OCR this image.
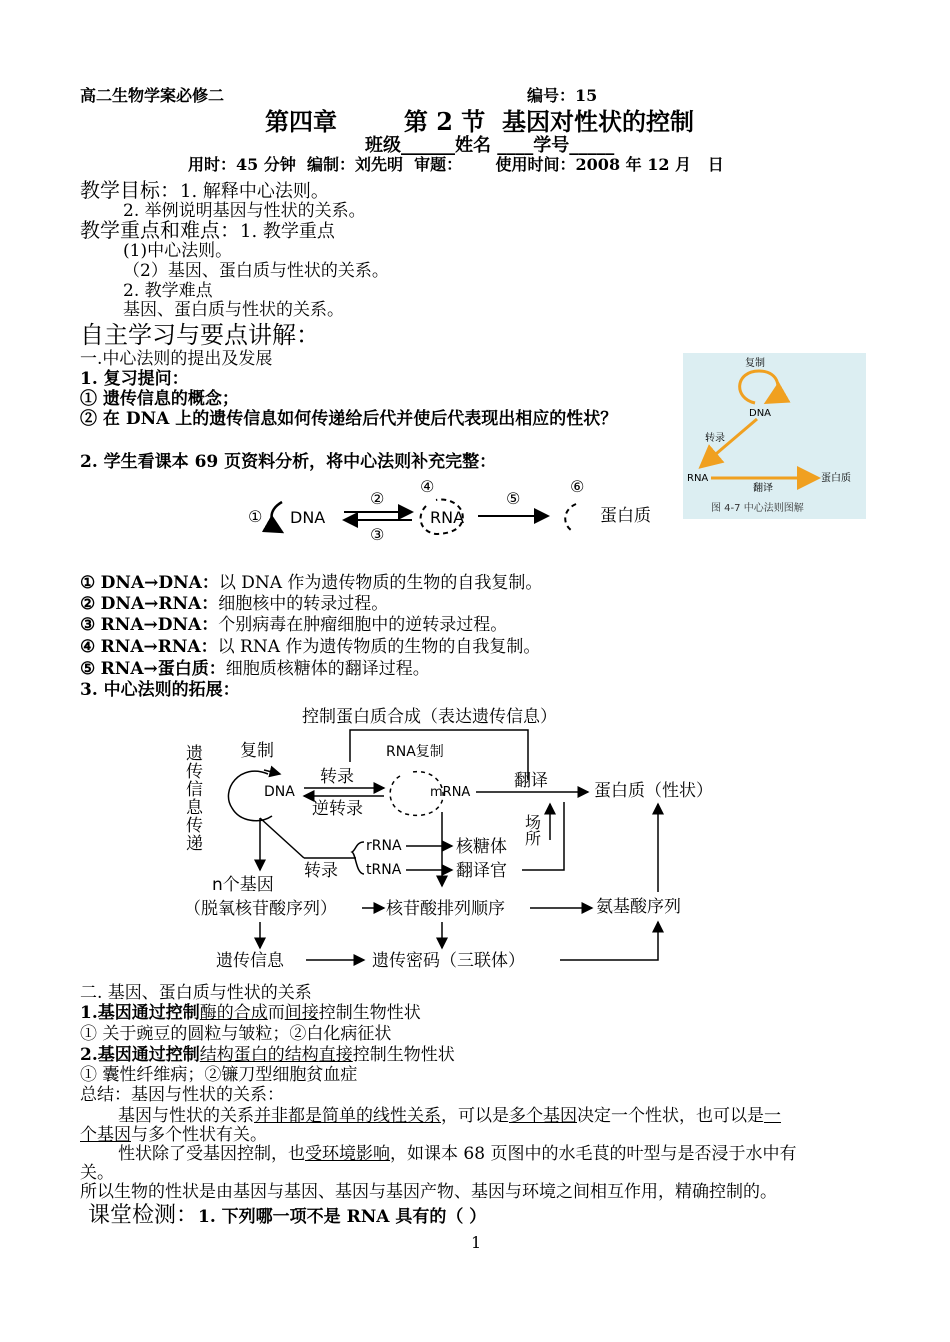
高二生物学案必修二	编号：15
第四章        第 2 节  基因对性状的控制
班级______姓名 ____学号_____
用时：45 分钟  编制：刘先明  审题：      使用时间：2008 年 12 月   日
教学目标：1. 解释中心法则。
2. 举例说明基因与性状的关系。
教学重点和难点：1. 教学重点
(1)中心法则。
（2）基因、蛋白质与性状的关系。
2. 教学难点
基因、蛋白质与性状的关系。
自主学习与要点讲解：
一.中心法则的提出及发展
1. 复习提问：
① 遗传信息的概念；
② 在 DNA 上的遗传信息如何传递给后代并使后代表现出相应的性状？
2. 学生看课本 69 页资料分析，将中心法则补充完整：
复制
DNA
转录
RNA
翻译
蛋白质
图 4-7 中心法则图解
① DNA
②
③
④
RNA
⑤
⑥
蛋白质
① DNA→DNA：以 DNA 作为遗传物质的生物的自我复制。
② DNA→RNA：细胞核中的转录过程。
③ RNA→DNA：个别病毒在肿瘤细胞中的逆转录过程。
④ RNA→RNA：以 RNA 作为遗传物质的生物的自我复制。
⑤ RNA→蛋白质：细胞质核糖体的翻译过程。
3. 中心法则的拓展：
控制蛋白质合成（表达遗传信息）
遗传信息传递 复制
DNA
转录
逆转录
RNA复制
mRNA
翻译	蛋白质（性状）
场所
转录
rRNA
tRNA
核糖体
翻译官
n个基因
（脱氧核苷酸序列）	核苷酸排列顺序	氨基酸序列
遗传信息	遗传密码（三联体）
二. 基因、蛋白质与性状的关系
1.基因通过控制酶的合成而间接控制生物性状
① 关于豌豆的圆粒与皱粒；②白化病征状
2.基因通过控制结构蛋白的结构直接控制生物性状
① 囊性纤维病；②镰刀型细胞贫血症
总结：基因与性状的关系：
基因与性状的关系并非都是简单的线性关系，可以是多个基因决定一个性状，也可以是一
个基因与多个性状有关。
性状除了受基因控制，也受环境影响，如课本 68 页图中的水毛茛的叶型与是否浸于水中有
关。
所以生物的性状是由基因与基因、基因与基因产物、基因与环境之间相互作用，精确控制的。
课堂检测：1. 下列哪一项不是 RNA 具有的（ ）
1
